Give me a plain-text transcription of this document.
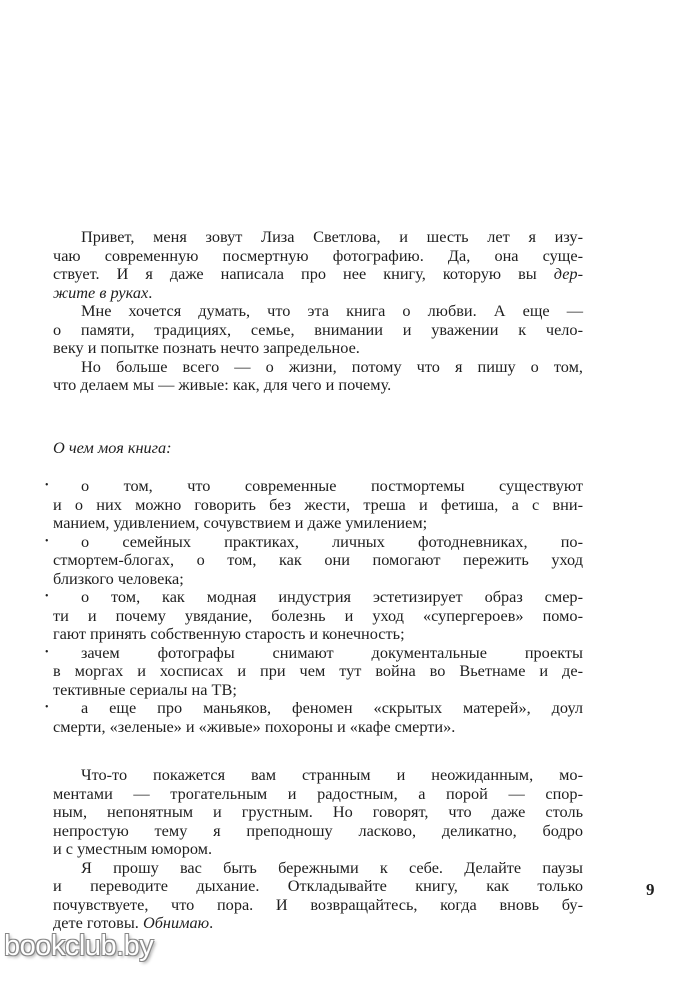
Привет, меня зовут Лиза Светлова, и шесть лет я изу-
чаю современную посмертную фотографию. Да, она суще-
ствует. И я даже написала про нее книгу, которую вы дер-
жите в руках.
Мне хочется думать, что эта книга о любви. А еще —
о памяти, традициях, семье, внимании и уважении к чело-
веку и попытке познать нечто запредельное.
Но больше всего — о жизни, потому что я пишу о том,
что делаем мы — живые: как, для чего и почему.
О чем моя книга:
•	о том, что современные постмортемы существуют
и о них можно говорить без жести, треша и фетиша, а с вни-
манием, удивлением, сочувствием и даже умилением;
•	о семейных практиках, личных фотодневниках, по-
стмортем-блогах, о том, как они помогают пережить уход
близкого человека;
•	о том, как модная индустрия эстетизирует образ смер-
ти и почему увядание, болезнь и уход «супергероев» помо-
гают принять собственную старость и конечность;
•	зачем фотографы снимают документальные проекты
в моргах и хосписах и при чем тут война во Вьетнаме и де-
тективные сериалы на ТВ;
•	а еще про маньяков, феномен «скрытых матерей», доул
смерти, «зеленые» и «живые» похороны и «кафе смерти».
Что-то покажется вам странным и неожиданным, мо-
ментами — трогательным и радостным, а порой — спор-
ным, непонятным и грустным. Но говорят, что даже столь
непростую тему я преподношу ласково, деликатно, бодро
и с уместным юмором.
Я прошу вас быть бережными к себе. Делайте паузы
и переводите дыхание. Откладывайте книгу, как только
почувствуете, что пора. И возвращайтесь, когда вновь бу-
дете готовы. Обнимаю.
9
bookclub.by
